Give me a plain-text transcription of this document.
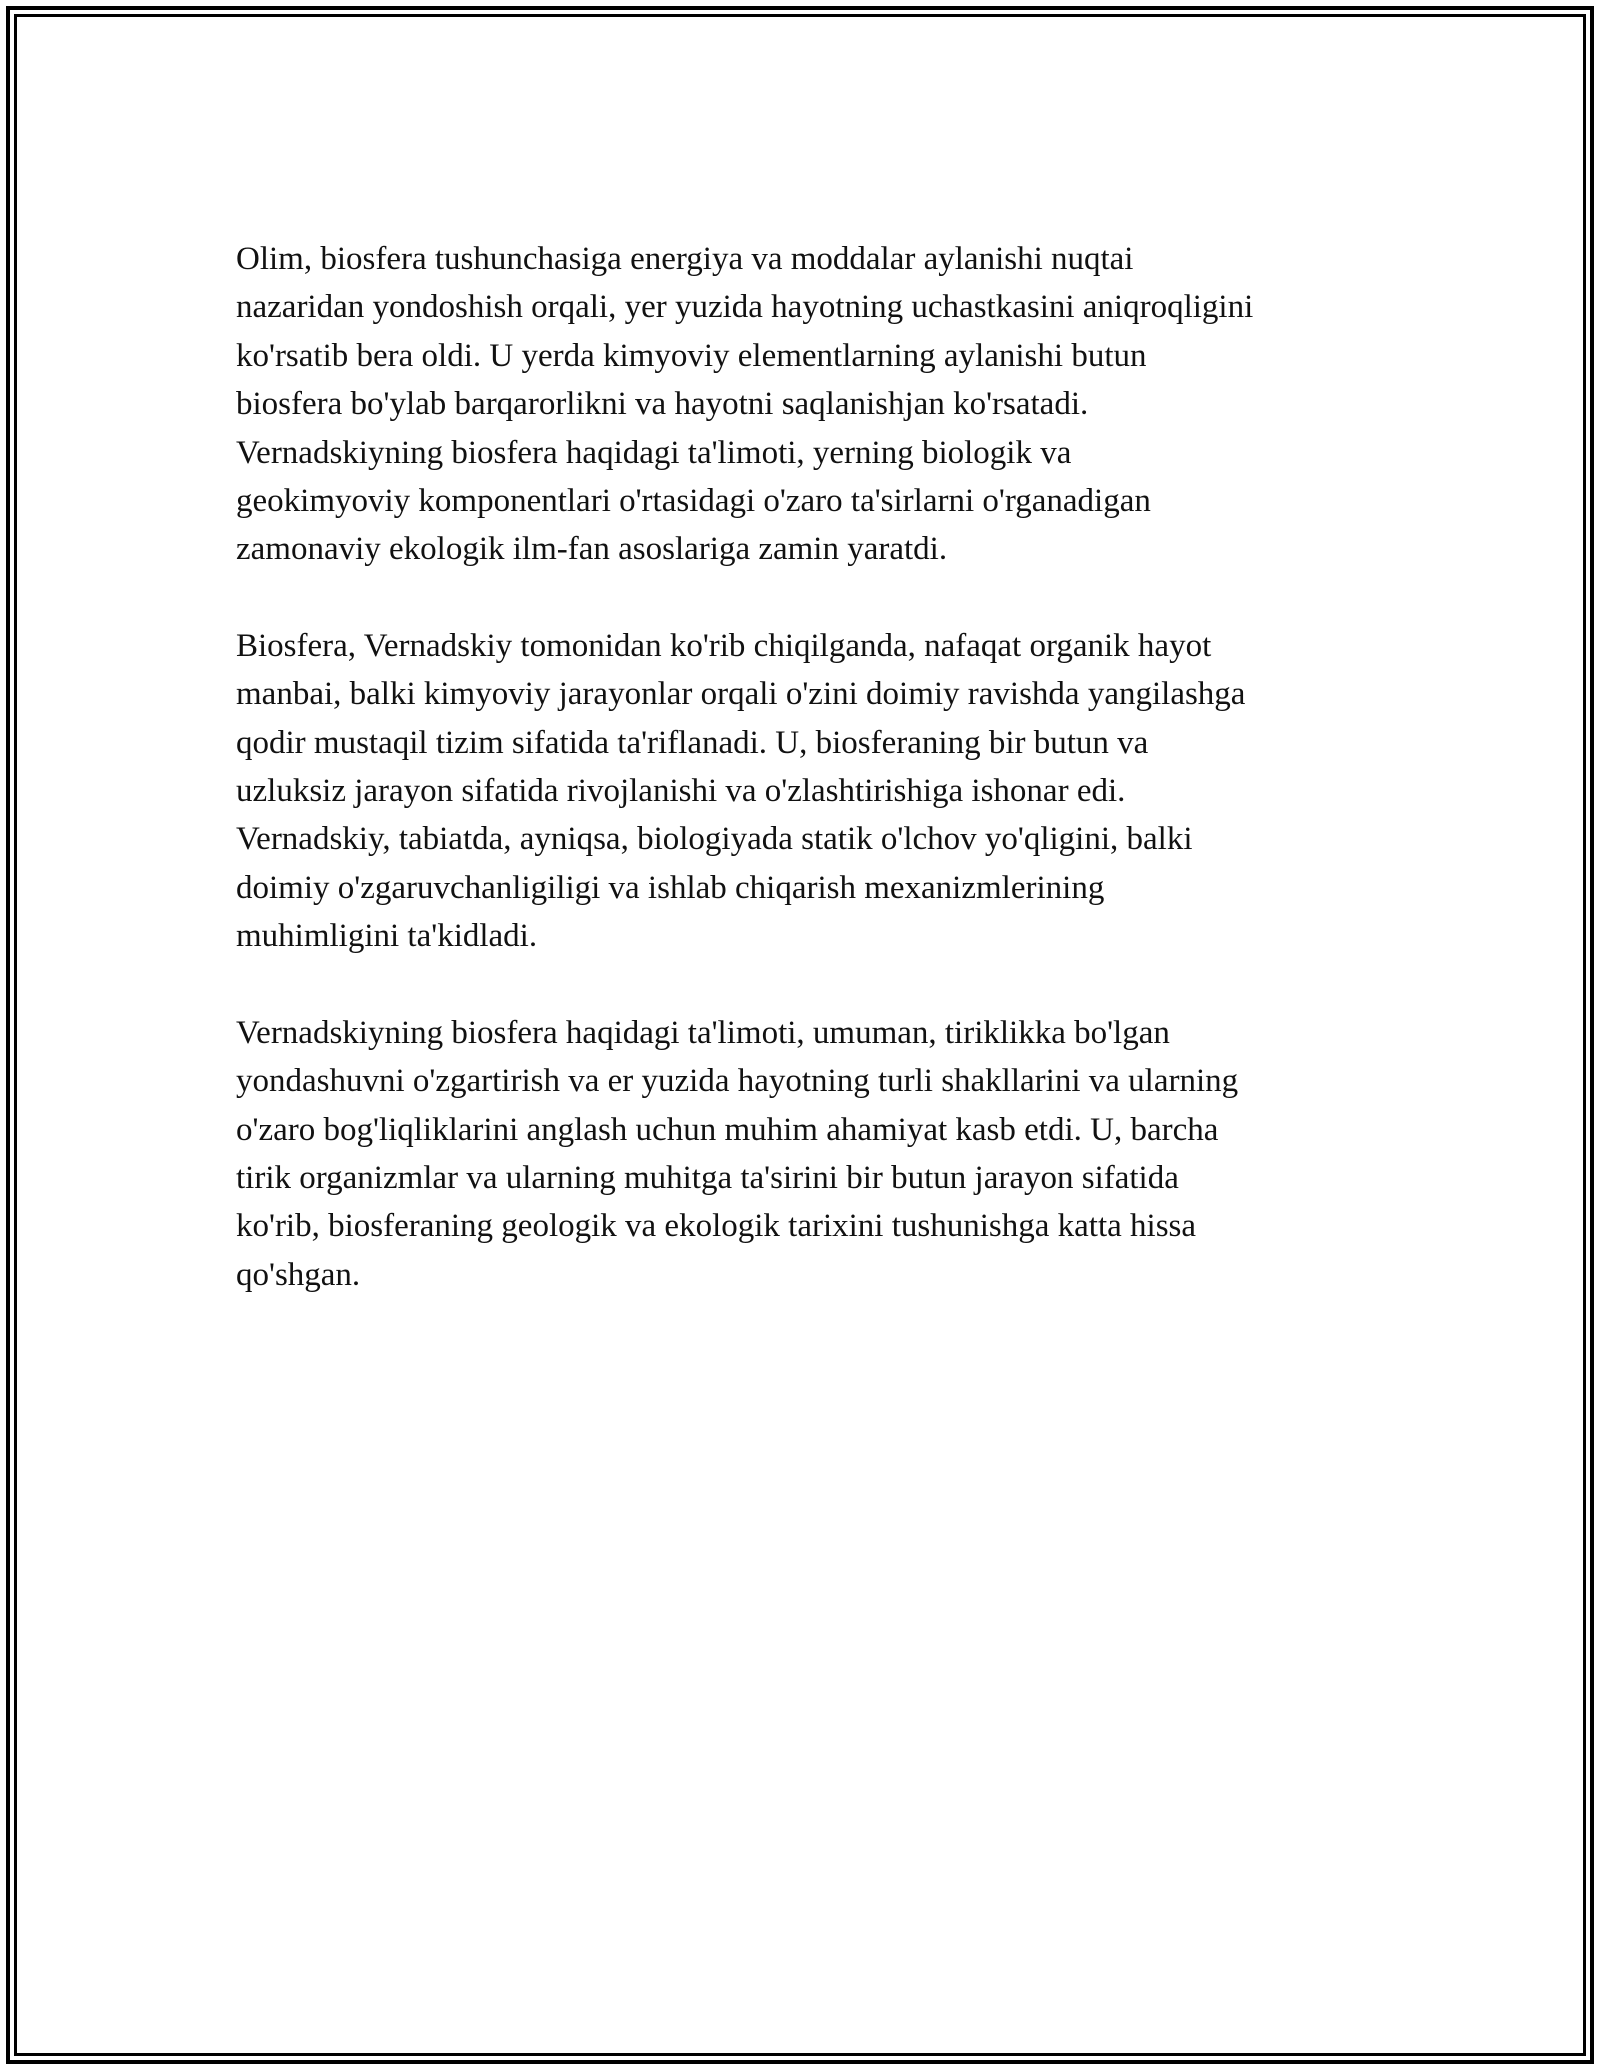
Olim, biosfera tushunchasiga energiya va moddalar aylanishi nuqtai
nazaridan yondoshish orqali, yer yuzida hayotning uchastkasini aniqroqligini
ko'rsatib bera oldi. U yerda kimyoviy elementlarning aylanishi butun
biosfera bo'ylab barqarorlikni va hayotni saqlanishjan ko'rsatadi.
Vernadskiyning biosfera haqidagi ta'limoti, yerning biologik va
geokimyoviy komponentlari o'rtasidagi o'zaro ta'sirlarni o'rganadigan
zamonaviy ekologik ilm-fan asoslariga zamin yaratdi.

Biosfera, Vernadskiy tomonidan ko'rib chiqilganda, nafaqat organik hayot
manbai, balki kimyoviy jarayonlar orqali o'zini doimiy ravishda yangilashga
qodir mustaqil tizim sifatida ta'riflanadi. U, biosferaning bir butun va
uzluksiz jarayon sifatida rivojlanishi va o'zlashtirishiga ishonar edi.
Vernadskiy, tabiatda, ayniqsa, biologiyada statik o'lchov yo'qligini, balki
doimiy o'zgaruvchanligiligi va ishlab chiqarish mexanizmlerining
muhimligini ta'kidladi.

Vernadskiyning biosfera haqidagi ta'limoti, umuman, tiriklikka bo'lgan
yondashuvni o'zgartirish va er yuzida hayotning turli shakllarini va ularning
o'zaro bog'liqliklarini anglash uchun muhim ahamiyat kasb etdi. U, barcha
tirik organizmlar va ularning muhitga ta'sirini bir butun jarayon sifatida
ko'rib, biosferaning geologik va ekologik tarixini tushunishga katta hissa
qo'shgan.
